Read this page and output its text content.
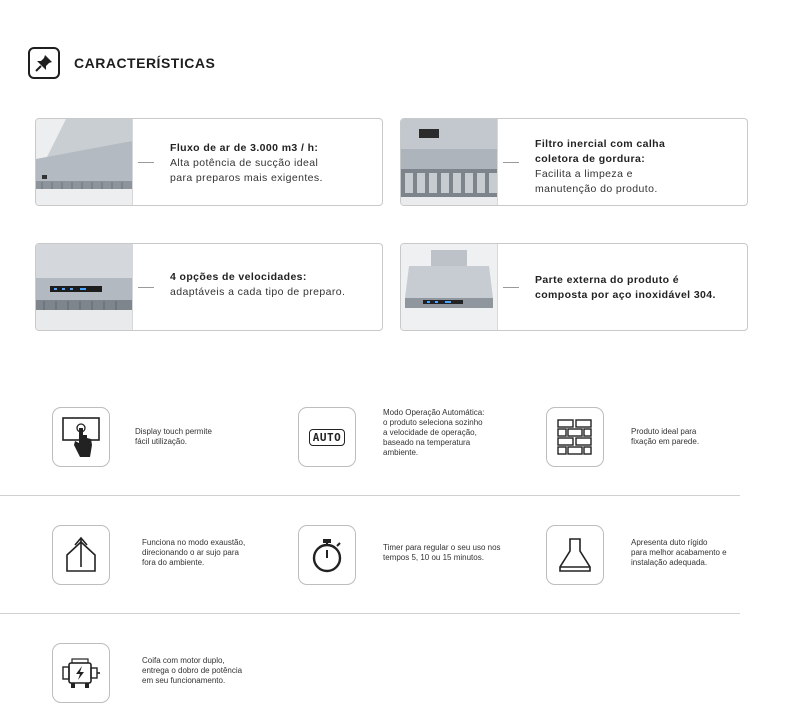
CARACTERÍSTICAS
Fluxo de ar de 3.000 m3 / h:
Alta potência de sucção ideal
para preparos mais exigentes.
Filtro inercial com calha
coletora de gordura:
Facilita a limpeza e
manutenção do produto.
4 opções de velocidades:
adaptáveis a cada tipo de preparo.
Parte externa do produto é
composta por aço inoxidável 304.
Display touch permite
fácil utilização.	AUTO
Modo Operação Automática:
o produto seleciona sozinho
a velocidade de operação,
baseado na temperatura
ambiente.
Produto ideal para
fixação em parede.
Funciona no modo exaustão,
direcionando o ar sujo para
fora do ambiente.
Timer para regular o seu uso nos
tempos 5, 10 ou 15 minutos.
Apresenta duto rígido
para melhor acabamento e
instalação adequada.
Coifa com motor duplo,
entrega o dobro de potência
em seu funcionamento.
